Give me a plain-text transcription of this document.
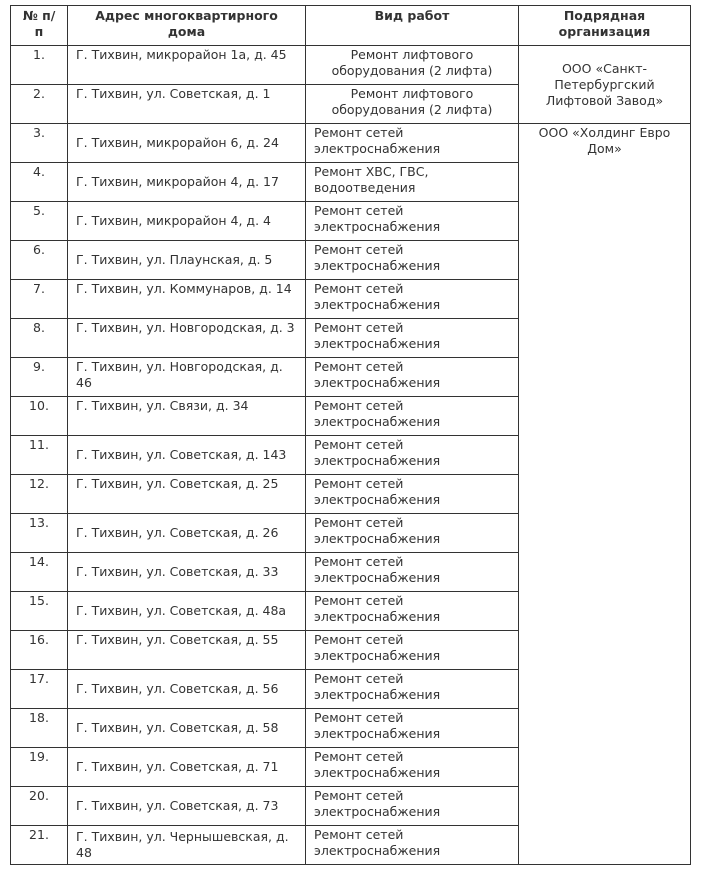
№ п/п	Адрес многоквартирного дома	Вид работ	Подрядная организация
1.	Г. Тихвин, микрорайон 1а, д. 45	Ремонт лифтового оборудования (2 лифта)	ООО «Санкт-Петербургский Лифтовой Завод»
2.	Г. Тихвин, ул. Советская, д. 1	Ремонт лифтового оборудования (2 лифта)	
3.	Г. Тихвин, микрорайон 6, д. 24	Ремонт сетей электроснабжения	ООО «Холдинг Евро Дом»
4.	Г. Тихвин, микрорайон 4, д. 17	Ремонт ХВС, ГВС, водоотведения	
5.	Г. Тихвин, микрорайон 4, д. 4	Ремонт сетей электроснабжения	
6.	Г. Тихвин, ул. Плаунская, д. 5	Ремонт сетей электроснабжения	
7.	Г. Тихвин, ул. Коммунаров, д. 14	Ремонт сетей электроснабжения	
8.	Г. Тихвин, ул. Новгородская, д. 3	Ремонт сетей электроснабжения	
9.	Г. Тихвин, ул. Новгородская, д. 46	Ремонт сетей электроснабжения	
10.	Г. Тихвин, ул. Связи, д. 34	Ремонт сетей электроснабжения	
11.	Г. Тихвин, ул. Советская, д. 143	Ремонт сетей электроснабжения	
12.	Г. Тихвин, ул. Советская, д. 25	Ремонт сетей электроснабжения	
13.	Г. Тихвин, ул. Советская, д. 26	Ремонт сетей электроснабжения	
14.	Г. Тихвин, ул. Советская, д. 33	Ремонт сетей электроснабжения	
15.	Г. Тихвин, ул. Советская, д. 48а	Ремонт сетей электроснабжения	
16.	Г. Тихвин, ул. Советская, д. 55	Ремонт сетей электроснабжения	
17.	Г. Тихвин, ул. Советская, д. 56	Ремонт сетей электроснабжения	
18.	Г. Тихвин, ул. Советская, д. 58	Ремонт сетей электроснабжения	
19.	Г. Тихвин, ул. Советская, д. 71	Ремонт сетей электроснабжения	
20.	Г. Тихвин, ул. Советская, д. 73	Ремонт сетей электроснабжения	
21.	Г. Тихвин, ул. Чернышевская, д. 48	Ремонт сетей электроснабжения	
